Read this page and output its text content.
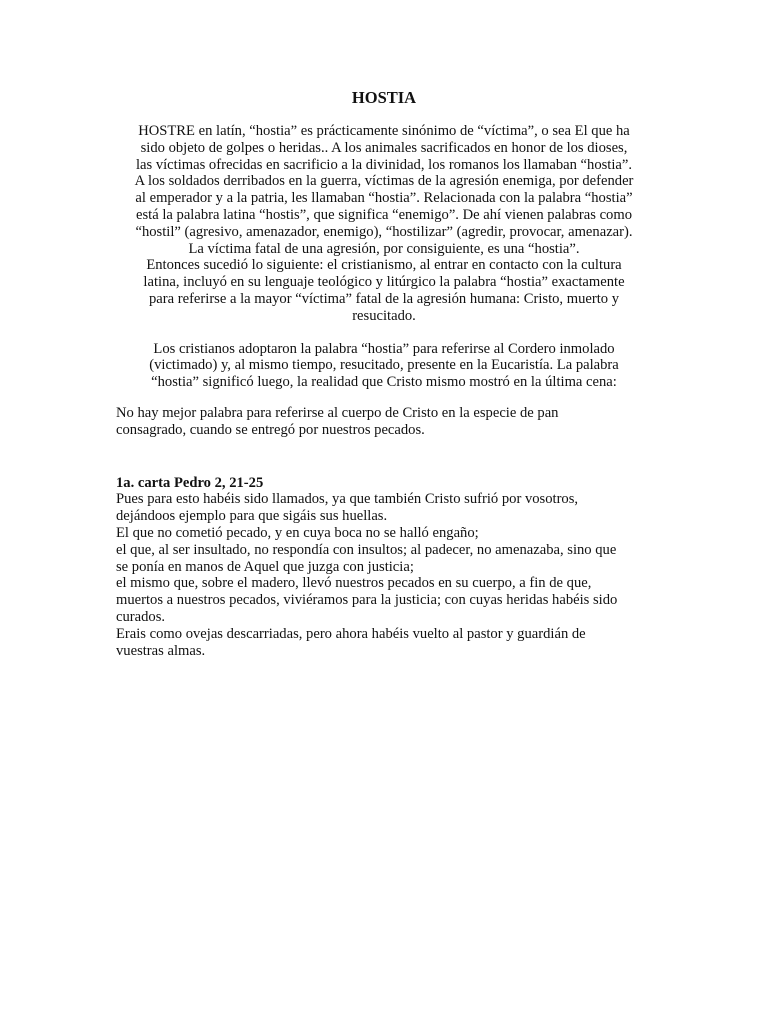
HOSTIA
HOSTRE en latín, “hostia” es prácticamente sinónimo de “víctima”, o sea El que ha
sido objeto de golpes o heridas.. A los animales sacrificados en honor de los dioses,
las víctimas ofrecidas en sacrificio a la divinidad, los romanos los llamaban “hostia”.
A los soldados derribados en la guerra, víctimas de la agresión enemiga, por defender
al emperador y a la patria, les llamaban “hostia”. Relacionada con la palabra “hostia”
está la palabra latina “hostis”, que significa “enemigo”. De ahí vienen palabras como
“hostil” (agresivo, amenazador, enemigo), “hostilizar” (agredir, provocar, amenazar).
La víctima fatal de una agresión, por consiguiente, es una “hostia”.
Entonces sucedió lo siguiente: el cristianismo, al entrar en contacto con la cultura
latina, incluyó en su lenguaje teológico y litúrgico la palabra “hostia” exactamente
para referirse a la mayor “víctima” fatal de la agresión humana: Cristo, muerto y
resucitado.
Los cristianos adoptaron la palabra “hostia” para referirse al Cordero inmolado
(victimado) y, al mismo tiempo, resucitado, presente en la Eucaristía. La palabra
“hostia” significó luego, la realidad que Cristo mismo mostró en la última cena:
No hay mejor palabra para referirse al cuerpo de Cristo en la especie de pan
consagrado, cuando se entregó por nuestros pecados.
1a. carta Pedro 2, 21-25
Pues para esto habéis sido llamados, ya que también Cristo sufrió por vosotros,
dejándoos ejemplo para que sigáis sus huellas.
El que no cometió pecado, y en cuya boca no se halló engaño;
el que, al ser insultado, no respondía con insultos; al padecer, no amenazaba, sino que
se ponía en manos de Aquel que juzga con justicia;
el mismo que, sobre el madero, llevó nuestros pecados en su cuerpo, a fin de que,
muertos a nuestros pecados, viviéramos para la justicia; con cuyas heridas habéis sido
curados.
Erais como ovejas descarriadas, pero ahora habéis vuelto al pastor y guardián de
vuestras almas.
